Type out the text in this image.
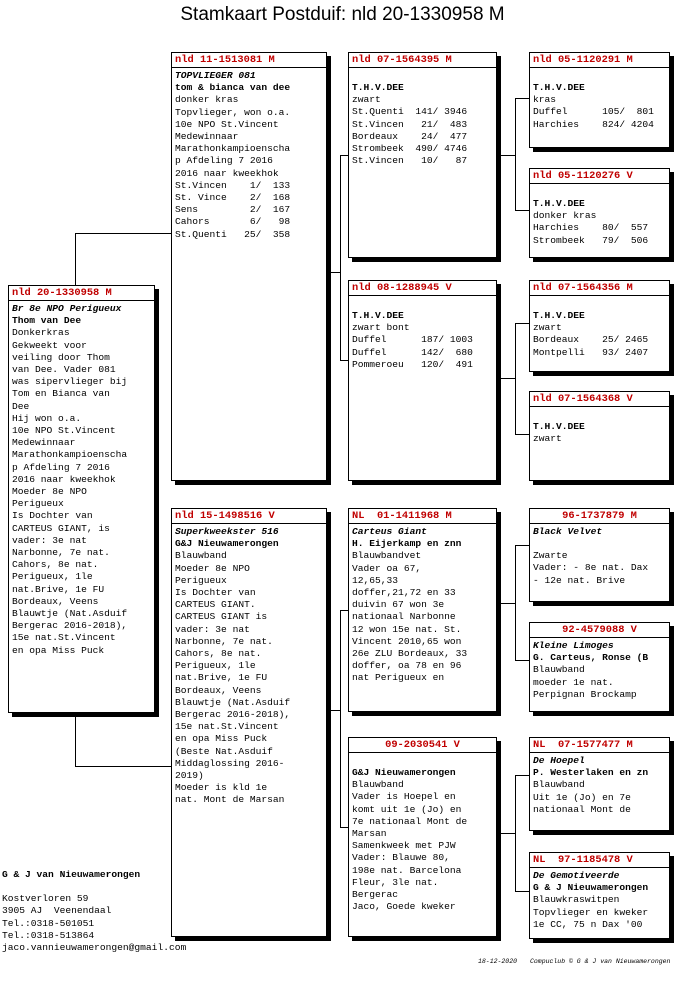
Stamkaart Postduif: nld 20-1330958 M
nld 20-1330958 M
Br 8e NPO Perigueux
Thom van Dee
Donkerkras
Gekweekt voor
veiling door Thom
van Dee. Vader 081
was sipervlieger bij
Tom en Bianca van
Dee
Hij won o.a.
10e NPO St.Vincent
Medewinnaar
Marathonkampioenscha
p Afdeling 7 2016
2016 naar kweekhok
Moeder 8e NPO
Perigueux
Is Dochter van
CARTEUS GIANT, is
vader: 3e nat
Narbonne, 7e nat.
Cahors, 8e nat.
Perigueux, 1le
nat.Brive, 1e FU
Bordeaux, Veens
Blauwtje (Nat.Asduif
Bergerac 2016-2018),
15e nat.St.Vincent
en opa Miss Puck
nld 11-1513081 M
TOPVLIEGER 081
tom & bianca van dee
donker kras
Topvlieger, won o.a.
10e NPO St.Vincent
Medewinnaar
Marathonkampioenscha
p Afdeling 7 2016
2016 naar kweekhok
St.Vincen    1/  133
St. Vince    2/  168
Sens         2/  167
Cahors       6/   98
St.Quenti   25/  358
nld 15-1498516 V
Superkweekster 516
G&J Nieuwamerongen
Blauwband
Moeder 8e NPO
Perigueux
Is Dochter van
CARTEUS GIANT.
CARTEUS GIANT is
vader: 3e nat
Narbonne, 7e nat.
Cahors, 8e nat.
Perigueux, 1le
nat.Brive, 1e FU
Bordeaux, Veens
Blauwtje (Nat.Asduif
Bergerac 2016-2018),
15e nat.St.Vincent
en opa Miss Puck
(Beste Nat.Asduif
Middaglossing 2016-
2019)
Moeder is kld 1e
nat. Mont de Marsan
nld 07-1564395 M
T.H.V.DEE
zwart
St.Quenti  141/ 3946
St.Vincen   21/  483
Bordeaux    24/  477
Strombeek  490/ 4746
St.Vincen   10/   87
nld 08-1288945 V
T.H.V.DEE
zwart bont
Duffel      187/ 1003
Duffel      142/  680
Pommeroeu   120/  491
NL  01-1411968 M
Carteus Giant
H. Eijerkamp en znn
Blauwbandvet
Vader oa 67,
12,65,33
doffer,21,72 en 33
duivin 67 won 3e
nationaal Narbonne
12 won 15e nat. St.
Vincent 2010,65 won
26e ZLU Bordeaux, 33
doffer, oa 78 en 96
nat Perigueux en
09-2030541 V
G&J Nieuwamerongen
Blauwband
Vader is Hoepel en
komt uit 1e (Jo) en
7e nationaal Mont de
Marsan
Samenkweek met PJW
Vader: Blauwe 80,
198e nat. Barcelona
Fleur, 3le nat.
Bergerac
Jaco, Goede kweker
nld 05-1120291 M
T.H.V.DEE
kras
Duffel      105/  801
Harchies    824/ 4204
nld 05-1120276 V
T.H.V.DEE
donker kras
Harchies    80/  557
Strombeek   79/  506
nld 07-1564356 M
T.H.V.DEE
zwart
Bordeaux    25/ 2465
Montpelli   93/ 2407
nld 07-1564368 V
T.H.V.DEE
zwart
96-1737879 M
Black Velvet
Zwarte
Vader: - 8e nat. Dax
- 12e nat. Brive
92-4579088 V
Kleine Limoges
G. Carteus, Ronse (B
Blauwband
moeder 1e nat.
Perpignan Brockamp
NL  07-1577477 M
De Hoepel
P. Westerlaken en zn
Blauwband
Uit 1e (Jo) en 7e
nationaal Mont de
NL  97-1185478 V
De Gemotiveerde
G & J Nieuwamerongen
Blauwkraswitpen
Topvlieger en kweker
1e CC, 75 n Dax '00
G & J van Nieuwamerongen
Kostverloren 59
3905 AJ  Veenendaal
Tel.:0318-501051
Tel.:0318-513864
jaco.vannieuwamerongen@gmail.com
18-12-2020 Compuclub © G & J van Nieuwamerongen
